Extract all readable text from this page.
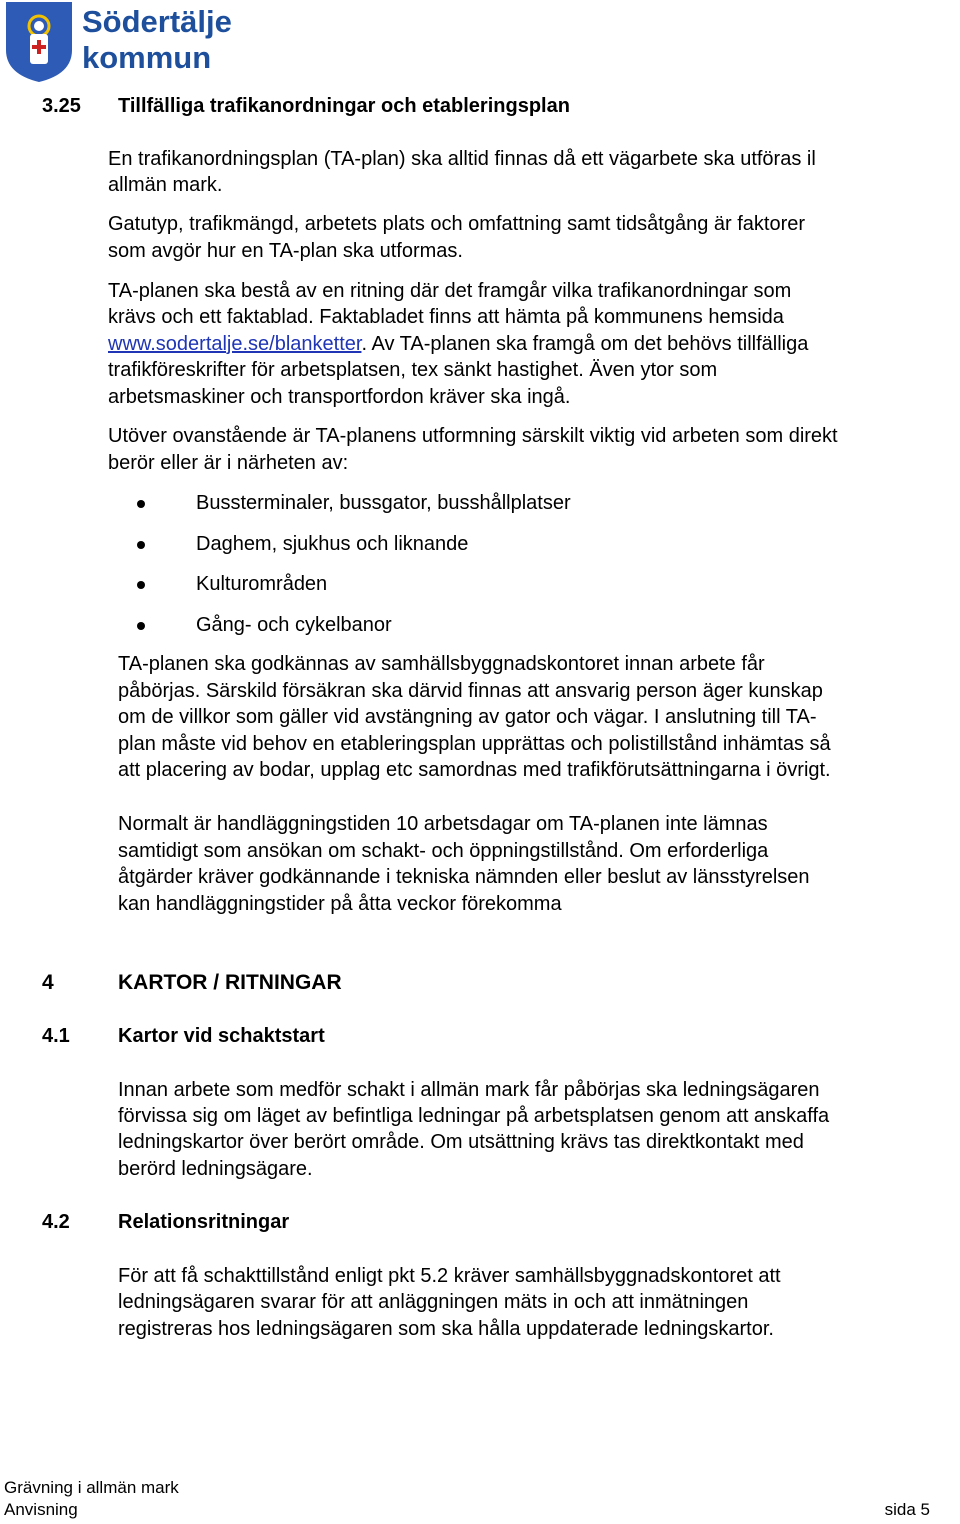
Södertälje
kommun
3.25 Tillfälliga trafikanordningar och etableringsplan
En trafikanordningsplan (TA-plan) ska alltid finnas då ett vägarbete ska utföras il
allmän mark.
Gatutyp, trafikmängd, arbetets plats och omfattning samt tidsåtgång är faktorer
som avgör hur en TA-plan ska utformas.
TA-planen ska bestå av en ritning där det framgår vilka trafikanordningar som
krävs och ett faktablad. Faktabladet finns att hämta på kommunens hemsida
www.sodertalje.se/blanketter. Av TA-planen ska framgå om det behövs tillfälliga
trafikföreskrifter för arbetsplatsen, tex sänkt hastighet. Även ytor som
arbetsmaskiner och transportfordon kräver ska ingå.
Utöver ovanstående är TA-planens utformning särskilt viktig vid arbeten som direkt
berör eller är i närheten av:
Bussterminaler, bussgator, busshållplatser
Daghem, sjukhus och liknande
Kulturområden
Gång- och cykelbanor
TA-planen ska godkännas av samhällsbyggnadskontoret innan arbete får
påbörjas. Särskild försäkran ska därvid finnas att ansvarig person äger kunskap
om de villkor som gäller vid avstängning av gator och vägar. I anslutning till TA-
plan måste vid behov en etableringsplan upprättas och polistillstånd inhämtas så
att placering av bodar, upplag etc samordnas med trafikförutsättningarna i övrigt.
Normalt är handläggningstiden 10 arbetsdagar om TA-planen inte lämnas
samtidigt som ansökan om schakt- och öppningstillstånd. Om erforderliga
åtgärder kräver godkännande i tekniska nämnden eller beslut av länsstyrelsen
kan handläggningstider på åtta veckor förekomma
4	KARTOR / RITNINGAR
4.1 Kartor vid schaktstart
Innan arbete som medför schakt i allmän mark får påbörjas ska ledningsägaren
förvissa sig om läget av befintliga ledningar på arbetsplatsen genom att anskaffa
ledningskartor över berört område. Om utsättning krävs tas direktkontakt med
berörd ledningsägare.
4.2 Relationsritningar
För att få schakttillstånd enligt pkt 5.2 kräver samhällsbyggnadskontoret att
ledningsägaren svarar för att anläggningen mäts in och att inmätningen
registreras hos ledningsägaren som ska hålla uppdaterade ledningskartor.
Grävning i allmän mark
Anvisning	sida 5
